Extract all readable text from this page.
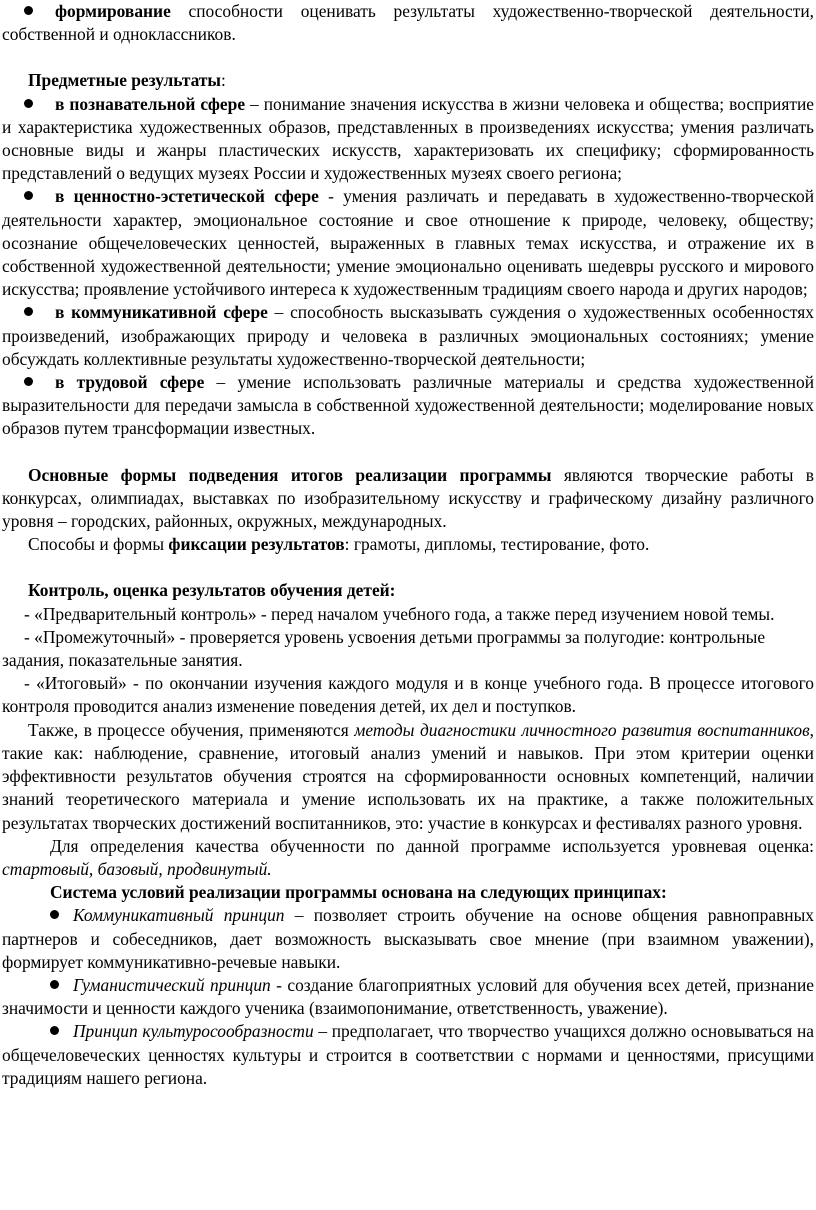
формирование способности оценивать результаты художественно-творческой деятельности, собственной и одноклассников.

Предметные результаты:

в познавательной сфере – понимание значения искусства в жизни человека и общества; восприятие и характеристика художественных образов, представленных в произведениях искусства; умения различать основные виды и жанры пластических искусств, характеризовать их специфику; сформированность представлений о ведущих музеях России и художественных музеях своего региона;

в ценностно-эстетической сфере - умения различать и передавать в художественно-творческой деятельности характер, эмоциональное состояние и свое отношение к природе, человеку, обществу; осознание общечеловеческих ценностей, выраженных в главных темах искусства, и отражение их в собственной художественной деятельности; умение эмоционально оценивать шедевры русского и мирового искусства; проявление устойчивого интереса к художественным традициям своего народа и других народов;

в коммуникативной сфере – способность высказывать суждения о художественных особенностях произведений, изображающих природу и человека в различных эмоциональных состояниях; умение обсуждать коллективные результаты художественно-творческой деятельности;

в трудовой сфере – умение использовать различные материалы и средства художественной выразительности для передачи замысла в собственной художественной деятельности; моделирование новых образов путем трансформации известных.

Основные формы подведения итогов реализации программы являются творческие работы в конкурсах, олимпиадах, выставках по изобразительному искусству и графическому дизайну различного уровня – городских, районных, окружных, международных.

Способы и формы фиксации результатов: грамоты, дипломы, тестирование, фото.

Контроль, оценка результатов обучения детей:

- «Предварительный контроль» - перед началом учебного года, а также перед изучением новой темы.

- «Промежуточный» - проверяется уровень усвоения детьми программы за полугодие: контрольные задания, показательные занятия.

- «Итоговый» - по окончании изучения каждого модуля и в конце учебного года. В процессе итогового контроля проводится анализ изменение поведения детей, их дел и поступков.

Также, в процессе обучения, применяются методы диагностики личностного развития воспитанников, такие как: наблюдение, сравнение, итоговый анализ умений и навыков. При этом критерии оценки эффективности результатов обучения строятся на сформированности основных компетенций, наличии знаний теоретического материала и умение использовать их на практике, а также положительных результатах творческих достижений воспитанников, это: участие в конкурсах и фестивалях разного уровня.

Для определения качества обученности по данной программе используется уровневая оценка: стартовый, базовый, продвинутый.

Система условий реализации программы основана на следующих принципах:

Коммуникативный принцип – позволяет строить обучение на основе общения равноправных партнеров и собеседников, дает возможность высказывать свое мнение (при взаимном уважении), формирует коммуникативно-речевые навыки.

Гуманистический принцип - создание благоприятных условий для обучения всех детей, признание значимости и ценности каждого ученика (взаимопонимание, ответственность, уважение).

Принцип культуросообразности – предполагает, что творчество учащихся должно основываться на общечеловеческих ценностях культуры и строится в соответствии с нормами и ценностями, присущими традициям нашего региона.
